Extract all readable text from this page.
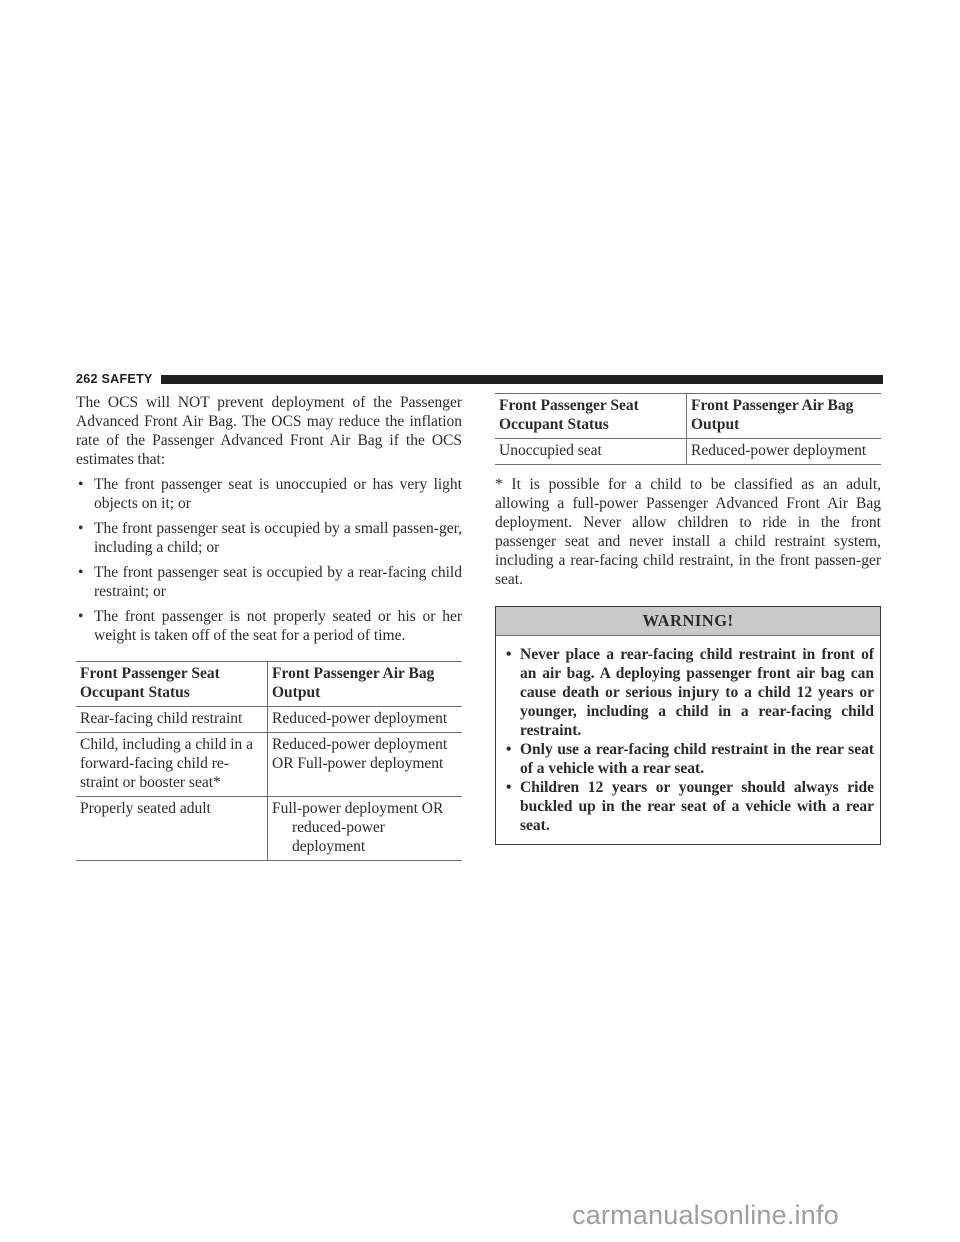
262 SAFETY

The OCS will NOT prevent deployment of the Passenger Advanced Front Air Bag. The OCS may reduce the inflation rate of the Passenger Advanced Front Air Bag if the OCS estimates that:

• The front passenger seat is unoccupied or has very light objects on it; or
• The front passenger seat is occupied by a small passen-ger, including a child; or
• The front passenger seat is occupied by a rear-facing child restraint; or
• The front passenger is not properly seated or his or her weight is taken off of the seat for a period of time.
Front Passenger Seat Occupant Status	Front Passenger Air Bag Output
Rear-facing child restraint	Reduced-power deployment

Child, including a child in a forward-facing child re-straint or booster seat*	Reduced-power deployment OR Full-power deployment
Properly seated adult	Full-power deployment OR reduced-power deployment
Front Passenger Seat Occupant Status	Front Passenger Air Bag Output
Unoccupied seat	Reduced-power deployment

* It is possible for a child to be classified as an adult, allowing a full-power Passenger Advanced Front Air Bag deployment. Never allow children to ride in the front passenger seat and never install a child restraint system, including a rear-facing child restraint, in the front passen-ger seat.

WARNING!
• Never place a rear-facing child restraint in front of an air bag. A deploying passenger front air bag can cause death or serious injury to a child 12 years or younger, including a child in a rear-facing child restraint.
• Only use a rear-facing child restraint in the rear seat of a vehicle with a rear seat.
• Children 12 years or younger should always ride buckled up in the rear seat of a vehicle with a rear seat.
carmanualsonline.info
